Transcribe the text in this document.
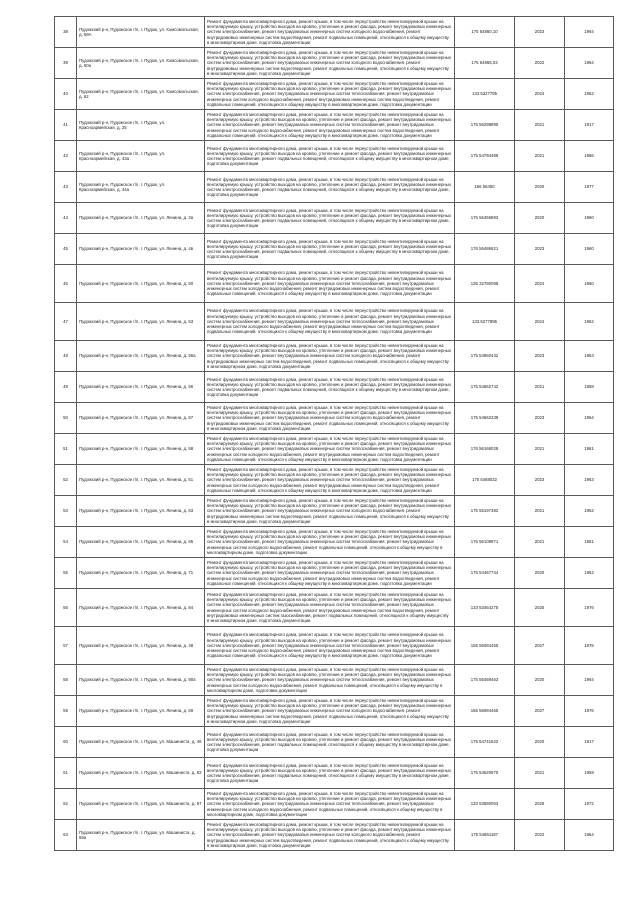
38	Пудожский р-н, Пудожское г/п, г. Пудож, ул. Комсомольская, д. 59А	Ремонт фундамента многоквартирного дома, ремонт крыши, в том числе переустройство невентилируемой крыши на вентилируемую крышу, устройство выходов на кровлю, утепление и ремонт фасада, ремонт внутридомовых инженерных систем электроснабжения, ремонт внутридомовых инженерных систем холодного водоснабжения, ремонт внутридомовых инженерных систем водоотведения, ремонт подвальных помещений, относящихся к общему имуществу в многоквартирном доме, подготовка документации	175 54860,10	2023	1964
39	Пудожский р-н, Пудожское г/п, г. Пудож, ул. Комсомольская, д. 60а	Ремонт фундамента многоквартирного дома, ремонт крыши, в том числе переустройство невентилируемой крыши на вентилируемую крышу, устройство выходов на кровлю, утепление и ремонт фасада, ремонт внутридомовых инженерных систем электроснабжения, ремонт внутридомовых инженерных систем холодного водоснабжения, ремонт внутридомовых инженерных систем водоотведения, ремонт подвальных помещений, относящихся к общему имуществу в многоквартирном доме, подготовка документации	175 54865,03	2022	1964
40	Пудожский р-н, Пудожское г/п, г. Пудож, ул. Комсомольская, д. 62	Ремонт фундамента многоквартирного дома, ремонт крыши, в том числе переустройство невентилируемой крыши на вентилируемую крышу, устройство выходов на кровлю, утепление и ремонт фасада, ремонт внутридомовых инженерных систем электроснабжения, ремонт внутридомовых инженерных систем теплоснабжения, ремонт внутридомовых инженерных систем холодного водоснабжения, ремонт внутридомовых инженерных систем водоотведения, ремонт подвальных помещений, относящихся к общему имуществу в многоквартирном доме, подготовка документации	133 5327795	2024	1962
41	Пудожский р-н, Пудожское г/п, г. Пудож, ул. Красноармейская, д. 25	Ремонт фундамента многоквартирного дома, ремонт крыши, в том числе переустройство невентилируемой крыши на вентилируемую крышу, устройство выходов на кровлю, утепление и ремонт фасада, ремонт внутридомовых инженерных систем электроснабжения, ремонт внутридомовых инженерных систем теплоснабжения, ремонт внутридомовых инженерных систем холодного водоснабжения, ремонт внутридомовых инженерных систем водоотведения, ремонт подвальных помещений, относящихся к общему имуществу в многоквартирном доме, подготовка документации	176 56298895	2021	1917
42	Пудожский р-н, Пудожское г/п, г. Пудож, ул. Красноармейская, д. 43а	Ремонт фундамента многоквартирного дома, ремонт крыши, в том числе переустройство невентилируемой крыши на вентилируемую крышу, устройство выходов на кровлю, утепление и ремонт фасада, ремонт внутридомовых инженерных систем электроснабжения, ремонт подвальных помещений, относящихся к общему имуществу в многоквартирном доме, подготовка документации	175 54794489	2021	1966
43	Пудожский р-н, Пудожское г/п, г. Пудож, ул. Красноармейская, д. 44а	Ремонт фундамента многоквартирного дома, ремонт крыши, в том числе переустройство невентилируемой крыши на вентилируемую крышу, устройство выходов на кровлю, утепление и ремонт фасада, ремонт внутридомовых инженерных систем электроснабжения, ремонт подвальных помещений, относящихся к общему имуществу в многоквартирном доме, подготовка документации	156 56450	2020	1977
44	Пудожский р-н, Пудожское г/п, г. Пудож, ул. Ленина, д. 3а	Ремонт фундамента многоквартирного дома, ремонт крыши, в том числе переустройство невентилируемой крыши на вентилируемую крышу, устройство выходов на кровлю, утепление и ремонт фасада, ремонт внутридомовых инженерных систем электроснабжения, ремонт подвальных помещений, относящихся к общему имуществу в многоквартирном доме, подготовка документации	176 56456893	2020	1960
45	Пудожский р-н, Пудожское г/п, г. Пудож, ул. Ленина, д. 4в	Ремонт фундамента многоквартирного дома, ремонт крыши, в том числе переустройство невентилируемой крыши на вентилируемую крышу, устройство выходов на кровлю, утепление и ремонт фасада, ремонт внутридомовых инженерных систем электроснабжения, ремонт подвальных помещений, относящихся к общему имуществу в многоквартирном доме, подготовка документации	176 56486621	2023	1960
46	Пудожский р-н, Пудожское г/п, г. Пудож, ул. Ленина, д. 50	Ремонт фундамента многоквартирного дома, ремонт крыши, в том числе переустройство невентилируемой крыши на вентилируемую крышу, устройство выходов на кровлю, утепление и ремонт фасада, ремонт внутридомовых инженерных систем электроснабжения, ремонт внутридомовых инженерных систем теплоснабжения, ремонт внутридомовых инженерных систем холодного водоснабжения, ремонт внутридомовых инженерных систем водоотведения, ремонт подвальных помещений, относящихся к общему имуществу в многоквартирном доме, подготовка документации	135 32780098	2024	1960
47	Пудожский р-н, Пудожское г/п, г. Пудож, ул. Ленина, д. 53	Ремонт фундамента многоквартирного дома, ремонт крыши, в том числе переустройство невентилируемой крыши на вентилируемую крышу, устройство выходов на кровлю, утепление и ремонт фасада, ремонт внутридомовых инженерных систем электроснабжения, ремонт внутридомовых инженерных систем теплоснабжения, ремонт внутридомовых инженерных систем холодного водоснабжения, ремонт внутридомовых инженерных систем водоотведения, ремонт подвальных помещений, относящихся к общему имуществу в многоквартирном доме, подготовка документации	133 5277895	2024	1962
48	Пудожский р-н, Пудожское г/п, г. Пудож, ул. Ленина, д. 55а	Ремонт фундамента многоквартирного дома, ремонт крыши, в том числе переустройство невентилируемой крыши на вентилируемую крышу, устройство выходов на кровлю, утепление и ремонт фасада, ремонт внутридомовых инженерных систем электроснабжения, ремонт внутридомовых инженерных систем холодного водоснабжения, ремонт внутридомовых инженерных систем водоотведения, ремонт подвальных помещений, относящихся к общему имуществу в многоквартирном доме, подготовка документации	175 54860432	2023	1963
49	Пудожский р-н, Пудожское г/п, г. Пудож, ул. Ленина, д. 56	Ремонт фундамента многоквартирного дома, ремонт крыши, в том числе переустройство невентилируемой крыши на вентилируемую крышу, устройство выходов на кровлю, утепление и ремонт фасада, ремонт внутридомовых инженерных систем электроснабжения, ремонт подвальных помещений, относящихся к общему имуществу в многоквартирном доме, подготовка документации	175 54652742	2021	1958
50	Пудожский р-н, Пудожское г/п, г. Пудож, ул. Ленина, д. 57	Ремонт фундамента многоквартирного дома, ремонт крыши, в том числе переустройство невентилируемой крыши на вентилируемую крышу, устройство выходов на кровлю, утепление и ремонт фасада, ремонт внутридомовых инженерных систем электроснабжения, ремонт внутридомовых инженерных систем холодного водоснабжения, ремонт внутридомовых инженерных систем водоотведения, ремонт подвальных помещений, относящихся к общему имуществу в многоквартирном доме, подготовка документации	175 54662239	2023	1964
51	Пудожский р-н, Пудожское г/п, г. Пудож, ул. Ленина, д. 58	Ремонт фундамента многоквартирного дома, ремонт крыши, в том числе переустройство невентилируемой крыши на вентилируемую крышу, устройство выходов на кровлю, утепление и ремонт фасада, ремонт внутридомовых инженерных систем электроснабжения, ремонт внутридомовых инженерных систем теплоснабжения, ремонт внутридомовых инженерных систем холодного водоснабжения, ремонт внутридомовых инженерных систем водоотведения, ремонт подвальных помещений, относящихся к общему имуществу в многоквартирном доме, подготовка документации	176 56168028	2021	1961
52	Пудожский р-н, Пудожское г/п, г. Пудож, ул. Ленина, д. 61	Ремонт фундамента многоквартирного дома, ремонт крыши, в том числе переустройство невентилируемой крыши на вентилируемую крышу, устройство выходов на кровлю, утепление и ремонт фасада, ремонт внутридомовых инженерных систем электроснабжения, ремонт внутридомовых инженерных систем теплоснабжения, ремонт внутридомовых инженерных систем холодного водоснабжения, ремонт внутридомовых инженерных систем водоотведения, ремонт подвальных помещений, относящихся к общему имуществу в многоквартирном доме, подготовка документации	175 5468032	2023	1963
53	Пудожский р-н, Пудожское г/п, г. Пудож, ул. Ленина, д. 63	Ремонт фундамента многоквартирного дома, ремонт крыши, в том числе переустройство невентилируемой крыши на вентилируемую крышу, устройство выходов на кровлю, утепление и ремонт фасада, ремонт внутридомовых инженерных систем электроснабжения, ремонт внутридомовых инженерных систем холодного водоснабжения, ремонт внутридомовых инженерных систем водоотведения, ремонт подвальных помещений, относящихся к общему имуществу в многоквартирном доме, подготовка документации	175 55197382	2021	1962
54	Пудожский р-н, Пудожское г/п, г. Пудож, ул. Ленина, д. 65	Ремонт фундамента многоквартирного дома, ремонт крыши, в том числе переустройство невентилируемой крыши на вентилируемую крышу, устройство выходов на кровлю, утепление и ремонт фасада, ремонт внутридомовых инженерных систем электроснабжения, ремонт внутридомовых инженерных систем теплоснабжения, ремонт внутридомовых инженерных систем холодного водоснабжения, ремонт подвальных помещений, относящихся к общему имуществу в многоквартирном доме, подготовка документации	176 56108971	2021	1961
55	Пудожский р-н, Пудожское г/п, г. Пудож, ул. Ленина, д. 71	Ремонт фундамента многоквартирного дома, ремонт крыши, в том числе переустройство невентилируемой крыши на вентилируемую крышу, устройство выходов на кровлю, утепление и ремонт фасада, ремонт внутридомовых инженерных систем электроснабжения, ремонт внутридомовых инженерных систем теплоснабжения, ремонт внутридомовых инженерных систем холодного водоснабжения, ремонт внутридомовых инженерных систем водоотведения, ремонт подвальных помещений, относящихся к общему имуществу в многоквартирном доме, подготовка документации	176 54467744	2020	1962
56	Пудожский р-н, Пудожское г/п, г. Пудож, ул. Ленина, д. 84	Ремонт фундамента многоквартирного дома, ремонт крыши, в том числе переустройство невентилируемой крыши на вентилируемую крышу, устройство выходов на кровлю, утепление и ремонт фасада, ремонт внутридомовых инженерных систем электроснабжения, ремонт внутридомовых инженерных систем теплоснабжения, ремонт внутридомовых инженерных систем холодного водоснабжения, ремонт внутридомовых инженерных систем водоотведения, ремонт внутридомовых инженерных систем газоснабжения, ремонт подвальных помещений, относящихся к общему имуществу в многоквартирном доме, подготовка документации	133 53464275	2025	1976
57	Пудожский р-н, Пудожское г/п, г. Пудож, ул. Ленина, д. 48	Ремонт фундамента многоквартирного дома, ремонт крыши, в том числе переустройство невентилируемой крыши на вентилируемую крышу, устройство выходов на кровлю, утепление и ремонт фасада, ремонт внутридомовых инженерных систем электроснабжения, ремонт внутридомовых инженерных систем теплоснабжения, ремонт внутридомовых инженерных систем холодного водоснабжения, ремонт внутридомовых инженерных систем водоотведения, ремонт подвальных помещений, относящихся к общему имуществу в многоквартирном доме, подготовка документации	156 56084455	2027	1976
58	Пудожский р-н, Пудожское г/п, г. Пудож, ул. Ленина, д. 90а	Ремонт фундамента многоквартирного дома, ремонт крыши, в том числе переустройство невентилируемой крыши на вентилируемую крышу, устройство выходов на кровлю, утепление и ремонт фасада, ремонт внутридомовых инженерных систем электроснабжения, ремонт внутридомовых инженерных систем теплоснабжения, ремонт внутридомовых инженерных систем холодного водоснабжения, ремонт подвальных помещений, относящихся к общему имуществу в многоквартирном доме, подготовка документации	175 55469463	2020	1964
59	Пудожский р-н, Пудожское г/п, г. Пудож, ул. Ленина, д. 69	Ремонт фундамента многоквартирного дома, ремонт крыши, в том числе переустройство невентилируемой крыши на вентилируемую крышу, устройство выходов на кровлю, утепление и ремонт фасада, ремонт внутридомовых инженерных систем электроснабжения, ремонт внутридомовых инженерных систем холодного водоснабжения, ремонт внутридомовых инженерных систем водоотведения, ремонт подвальных помещений, относящихся к общему имуществу в многоквартирном доме, подготовка документации	156 56084455	2027	1976
60	Пудожский р-н, Пудожское г/п, г. Пудож, ул. Машиниста, д. 46	Ремонт фундамента многоквартирного дома, ремонт крыши, в том числе переустройство невентилируемой крыши на вентилируемую крышу, устройство выходов на кровлю, утепление и ремонт фасада, ремонт внутридомовых инженерных систем электроснабжения, ремонт подвальных помещений, относящихся к общему имуществу в многоквартирном доме, подготовка документации	175 54741622	2020	1917
61	Пудожский р-н, Пудожское г/п, г. Пудож, ул. Машиниста, д. 62	Ремонт фундамента многоквартирного дома, ремонт крыши, в том числе переустройство невентилируемой крыши на вентилируемую крышу, устройство выходов на кровлю, утепление и ремонт фасада, ремонт внутридомовых инженерных систем электроснабжения, ремонт подвальных помещений, относящихся к общему имуществу в многоквартирном доме, подготовка документации	175 54620975	2021	1959
62	Пудожский р-н, Пудожское г/п, г. Пудож, ул. Машиниста, д. 57	Ремонт фундамента многоквартирного дома, ремонт крыши, в том числе переустройство невентилируемой крыши на вентилируемую крышу, устройство выходов на кровлю, утепление и ремонт фасада, ремонт внутридомовых инженерных систем электроснабжения, ремонт внутридомовых инженерных систем теплоснабжения, ремонт внутридомовых инженерных систем холодного водоснабжения, ремонт подвальных помещений, относящихся к общему имуществу в многоквартирном доме, подготовка документации	133 53580053	2026	1972
63	Пудожский р-н, Пудожское г/п, г. Пудож, ул. Машиниста, д. 59а	Ремонт фундамента многоквартирного дома, ремонт крыши, в том числе переустройство невентилируемой крыши на вентилируемую крышу, устройство выходов на кровлю, утепление и ремонт фасада, ремонт внутридомовых инженерных систем электроснабжения, ремонт внутридомовых инженерных систем холодного водоснабжения, ремонт внутридомовых инженерных систем водоотведения, ремонт подвальных помещений, относящихся к общему имуществу в многоквартирном доме, подготовка документации	175 54861187	2022	1964
